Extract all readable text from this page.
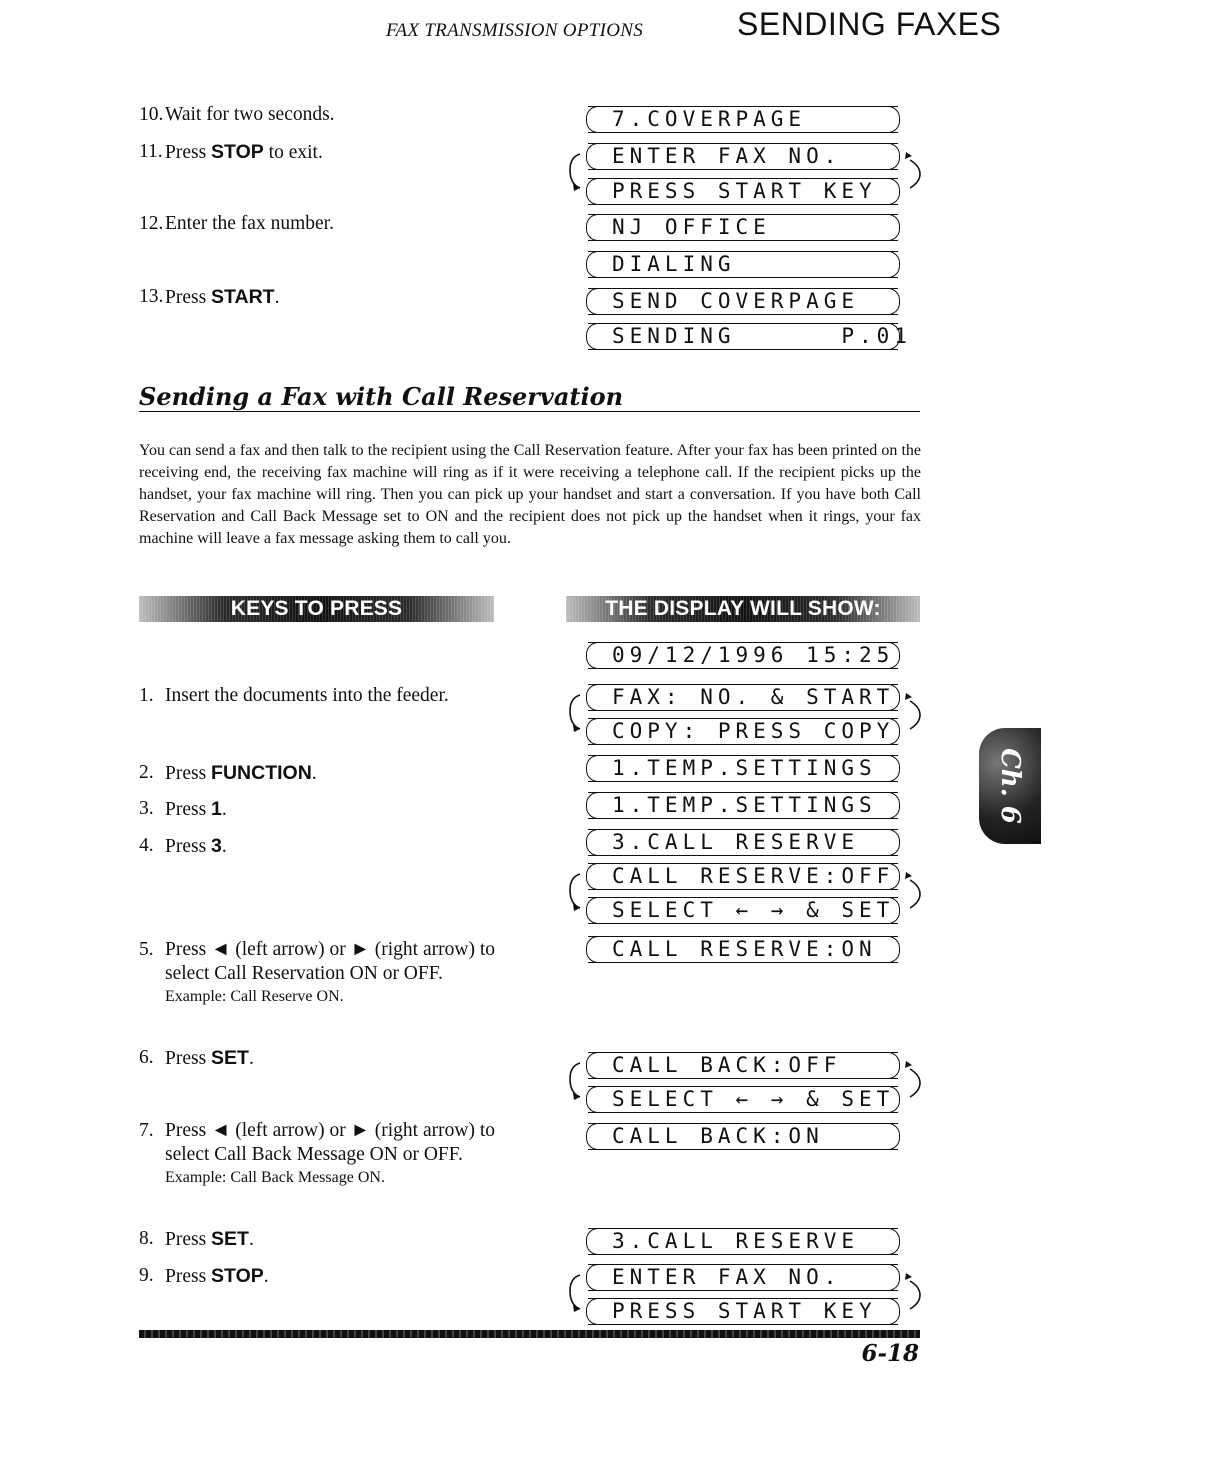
FAX TRANSMISSION OPTIONS	SENDING FAXES
10. Wait for two seconds.
11. Press STOP to exit.
12. Enter the fax number.
13. Press START.
7.COVERPAGE
ENTER FAX NO.
PRESS START KEY
NJ OFFICE
DIALING
SEND COVERPAGE
SENDING      P.01
Sending a Fax with Call Reservation
You can send a fax and then talk to the recipient using the Call Reservation feature. After your fax has been printed on the receiving end, the receiving fax machine will ring as if it were receiving a telephone call. If the recipient picks up the handset, your fax machine will ring. Then you can pick up your handset and start a conversation. If you have both Call Reservation and Call Back Message set to ON and the recipient does not pick up the handset when it rings, your fax machine will leave a fax message asking them to call you.
KEYS TO PRESS	THE DISPLAY WILL SHOW:
1. Insert the documents into the feeder.
2. Press FUNCTION.
3. Press 1.
4. Press 3.
5. Press ◄ (left arrow) or ► (right arrow) to select Call Reservation ON or OFF.
Example: Call Reserve ON.
6. Press SET.
7. Press ◄ (left arrow) or ► (right arrow) to select Call Back Message ON or OFF.
Example: Call Back Message ON.
8. Press SET.
9. Press STOP.
09/12/1996 15:25
FAX: NO. & START
COPY: PRESS COPY
1.TEMP.SETTINGS
1.TEMP.SETTINGS
3.CALL RESERVE
CALL RESERVE:OFF
SELECT ← → & SET
CALL RESERVE:ON
CALL BACK:OFF
SELECT ← → & SET
CALL BACK:ON
3.CALL RESERVE
ENTER FAX NO.
PRESS START KEY
Ch. 6
6-18
